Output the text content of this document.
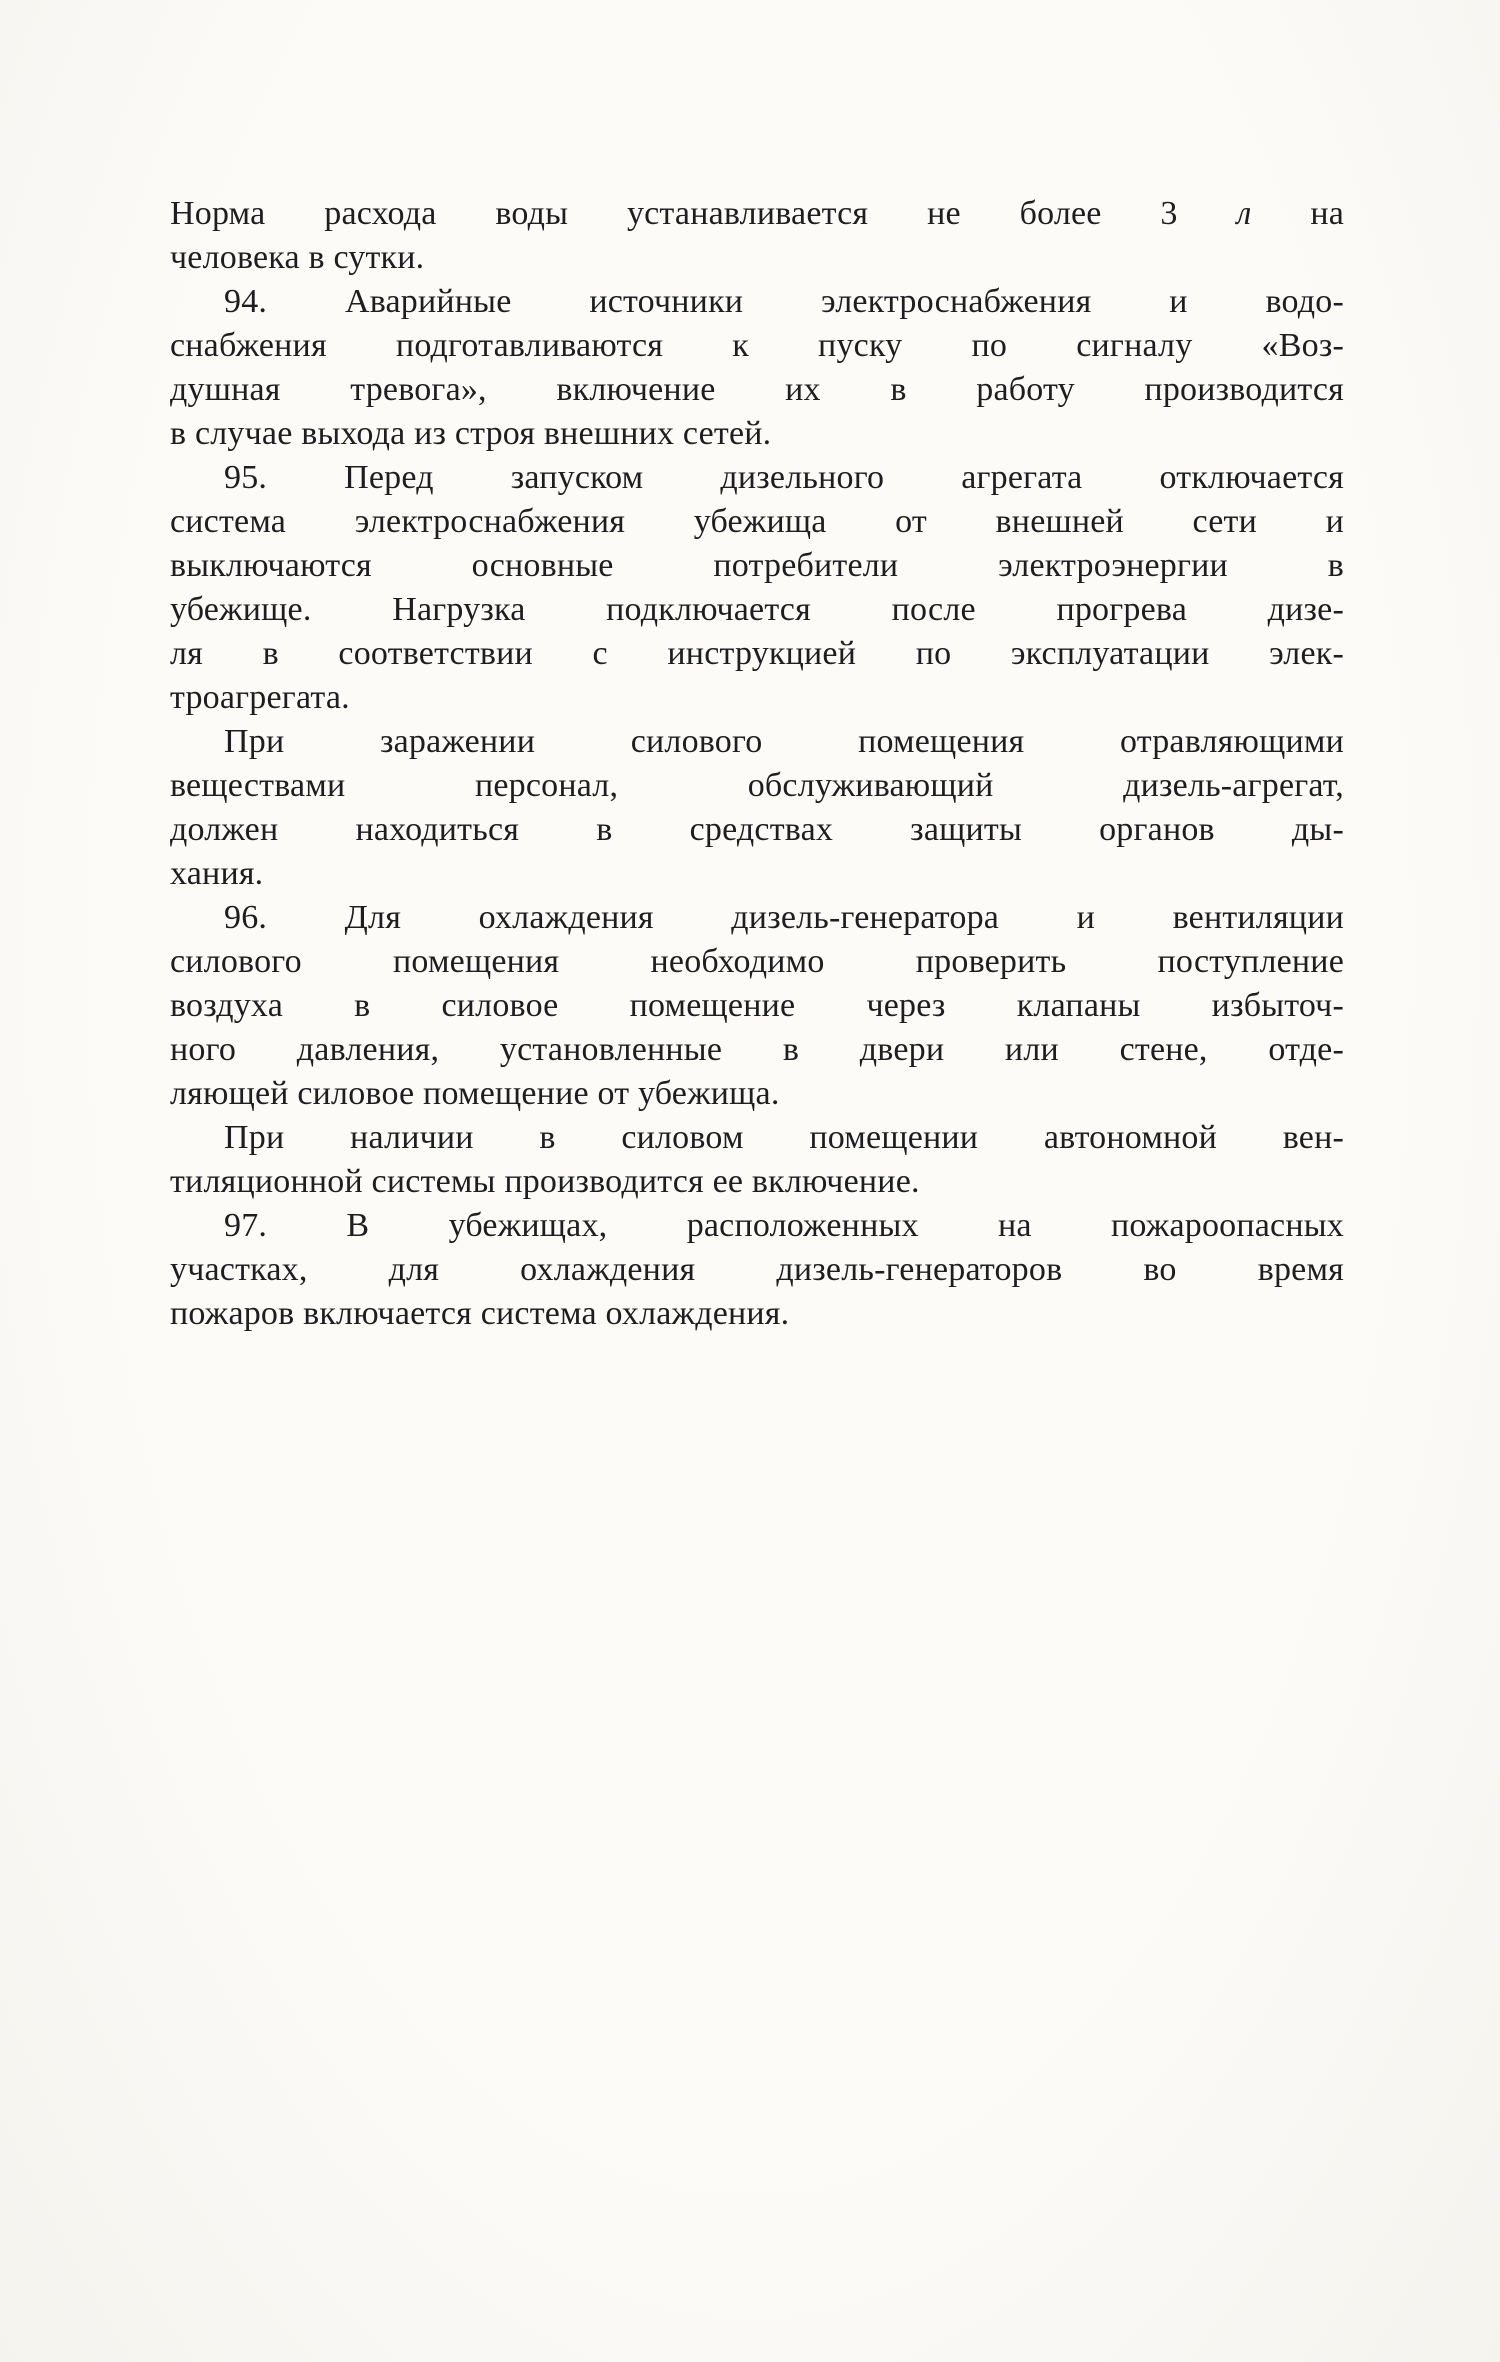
Норма расхода воды устанавливается не более 3 л на
человека в сутки.
94. Аварийные источники электроснабжения и водо-
снабжения подготавливаются к пуску по сигналу «Воз-
душная тревога», включение их в работу производится
в случае выхода из строя внешних сетей.
95. Перед запуском дизельного агрегата отключается
система электроснабжения убежища от внешней сети и
выключаются основные потребители электроэнергии в
убежище. Нагрузка подключается после прогрева дизе-
ля в соответствии с инструкцией по эксплуатации элек-
троагрегата.
При заражении силового помещения отравляющими
веществами персонал, обслуживающий дизель-агрегат,
должен находиться в средствах защиты органов ды-
хания.
96. Для охлаждения дизель-генератора и вентиляции
силового помещения необходимо проверить поступление
воздуха в силовое помещение через клапаны избыточ-
ного давления, установленные в двери или стене, отде-
ляющей силовое помещение от убежища.
При наличии в силовом помещении автономной вен-
тиляционной системы производится ее включение.
97. В убежищах, расположенных на пожароопасных
участках, для охлаждения дизель-генераторов во время
пожаров включается система охлаждения.
